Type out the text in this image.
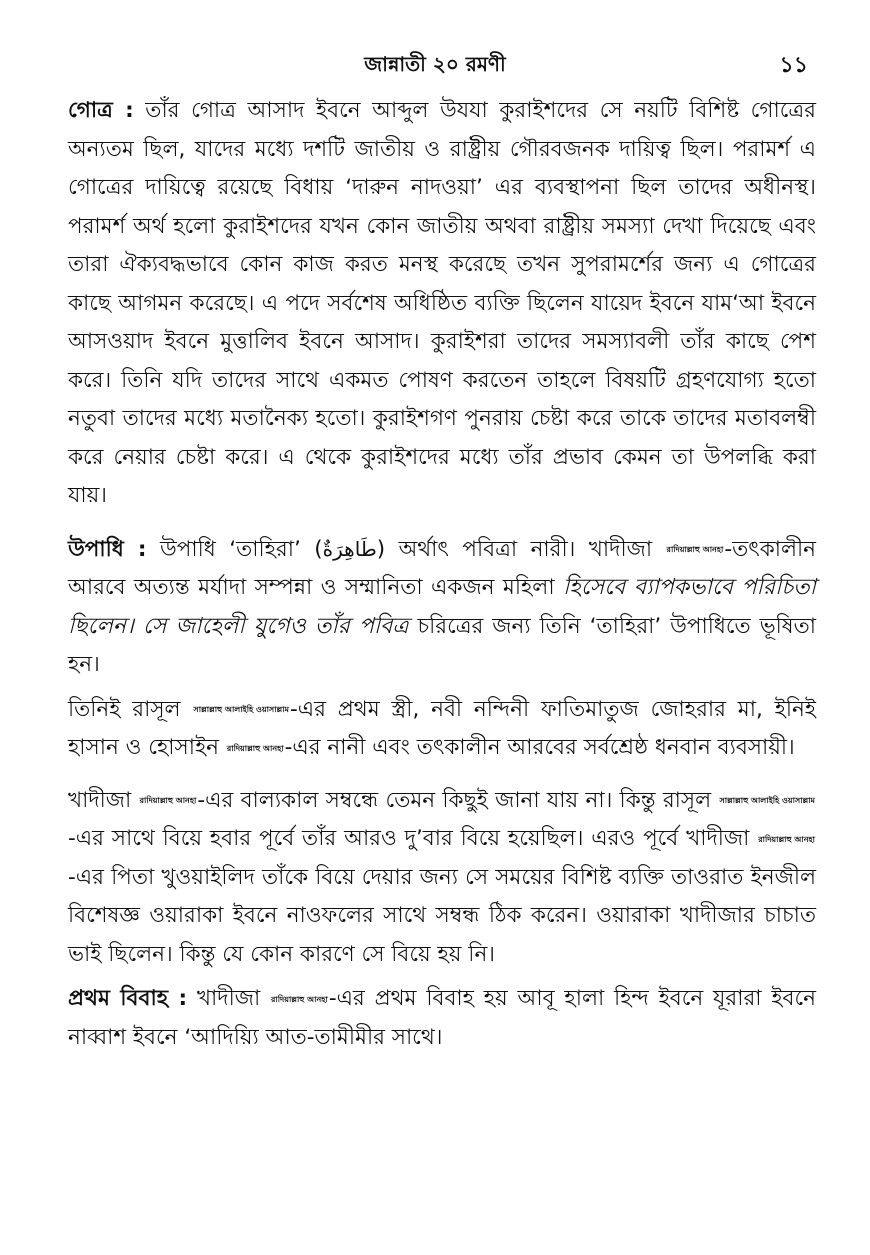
জান্নাতী ২০ রমণী	১১

গোত্র : তাঁর গোত্র আসাদ ইবনে আব্দুল উযযা কুরাইশদের সে নয়টি বিশিষ্ট গোত্রের অন্যতম ছিল, যাদের মধ্যে দশটি জাতীয় ও রাষ্ট্রীয় গৌরবজনক দায়িত্ব ছিল। পরামর্শ এ গোত্রের দায়িত্বে রয়েছে বিধায় ‘দারুন নাদওয়া’ এর ব্যবস্থাপনা ছিল তাদের অধীনস্থ। পরামর্শ অর্থ হলো কুরাইশদের যখন কোন জাতীয় অথবা রাষ্ট্রীয় সমস্যা দেখা দিয়েছে এবং তারা ঐক্যবদ্ধভাবে কোন কাজ করত মনস্থ করেছে তখন সুপরামর্শের জন্য এ গোত্রের কাছে আগমন করেছে। এ পদে সর্বশেষ অধিষ্ঠিত ব্যক্তি ছিলেন যায়েদ ইবনে যাম‘আ ইবনে আসওয়াদ ইবনে মুত্তালিব ইবনে আসাদ। কুরাইশরা তাদের সমস্যাবলী তাঁর কাছে পেশ করে। তিনি যদি তাদের সাথে একমত পোষণ করতেন তাহলে বিষয়টি গ্রহণযোগ্য হতো নতুবা তাদের মধ্যে মতানৈক্য হতো। কুরাইশগণ পুনরায় চেষ্টা করে তাকে তাদের মতাবলম্বী করে নেয়ার চেষ্টা করে। এ থেকে কুরাইশদের মধ্যে তাঁর প্রভাব কেমন তা উপলব্ধি করা যায়।

উপাধি : উপাধি ‘তাহিরা’ (طَاهِرَةٌ) অর্থাৎ পবিত্রা নারী। খাদীজা রাদিয়াল্লাহু আনহা-তৎকালীন আরবে অত্যন্ত মর্যাদা সম্পন্না ও সম্মানিতা একজন মহিলা হিসেবে ব্যাপকভাবে পরিচিতা ছিলেন। সে জাহেলী যুগেও তাঁর পবিত্র চরিত্রের জন্য তিনি ‘তাহিরা’ উপাধিতে ভূষিতা হন।

তিনিই রাসূল সাল্লাল্লাহু আলাইহি ওয়াসাল্লাম-এর প্রথম স্ত্রী, নবী নন্দিনী ফাতিমাতুজ জোহরার মা, ইনিই হাসান ও হোসাইন রাদিয়াল্লাহু আনহা-এর নানী এবং তৎকালীন আরবের সর্বশ্রেষ্ঠ ধনবান ব্যবসায়ী।

খাদীজা রাদিয়াল্লাহু আনহা-এর বাল্যকাল সম্বন্ধে তেমন কিছুই জানা যায় না। কিন্তু রাসূল সাল্লাল্লাহু আলাইহি ওয়াসাল্লাম-এর সাথে বিয়ে হবার পূর্বে তাঁর আরও দু’বার বিয়ে হয়েছিল। এরও পূর্বে খাদীজা রাদিয়াল্লাহু আনহা-এর পিতা খুওয়াইলিদ তাঁকে বিয়ে দেয়ার জন্য সে সময়ের বিশিষ্ট ব্যক্তি তাওরাত ইনজীল বিশেষজ্ঞ ওয়ারাকা ইবনে নাওফলের সাথে সম্বন্ধ ঠিক করেন। ওয়ারাকা খাদীজার চাচাত ভাই ছিলেন। কিন্তু যে কোন কারণে সে বিয়ে হয় নি।

প্রথম বিবাহ : খাদীজা রাদিয়াল্লাহু আনহা-এর প্রথম বিবাহ হয় আবূ হালা হিন্দ ইবনে যূরারা ইবনে নাব্বাশ ইবনে ‘আদিয়্যি আত-তামীমীর সাথে।
